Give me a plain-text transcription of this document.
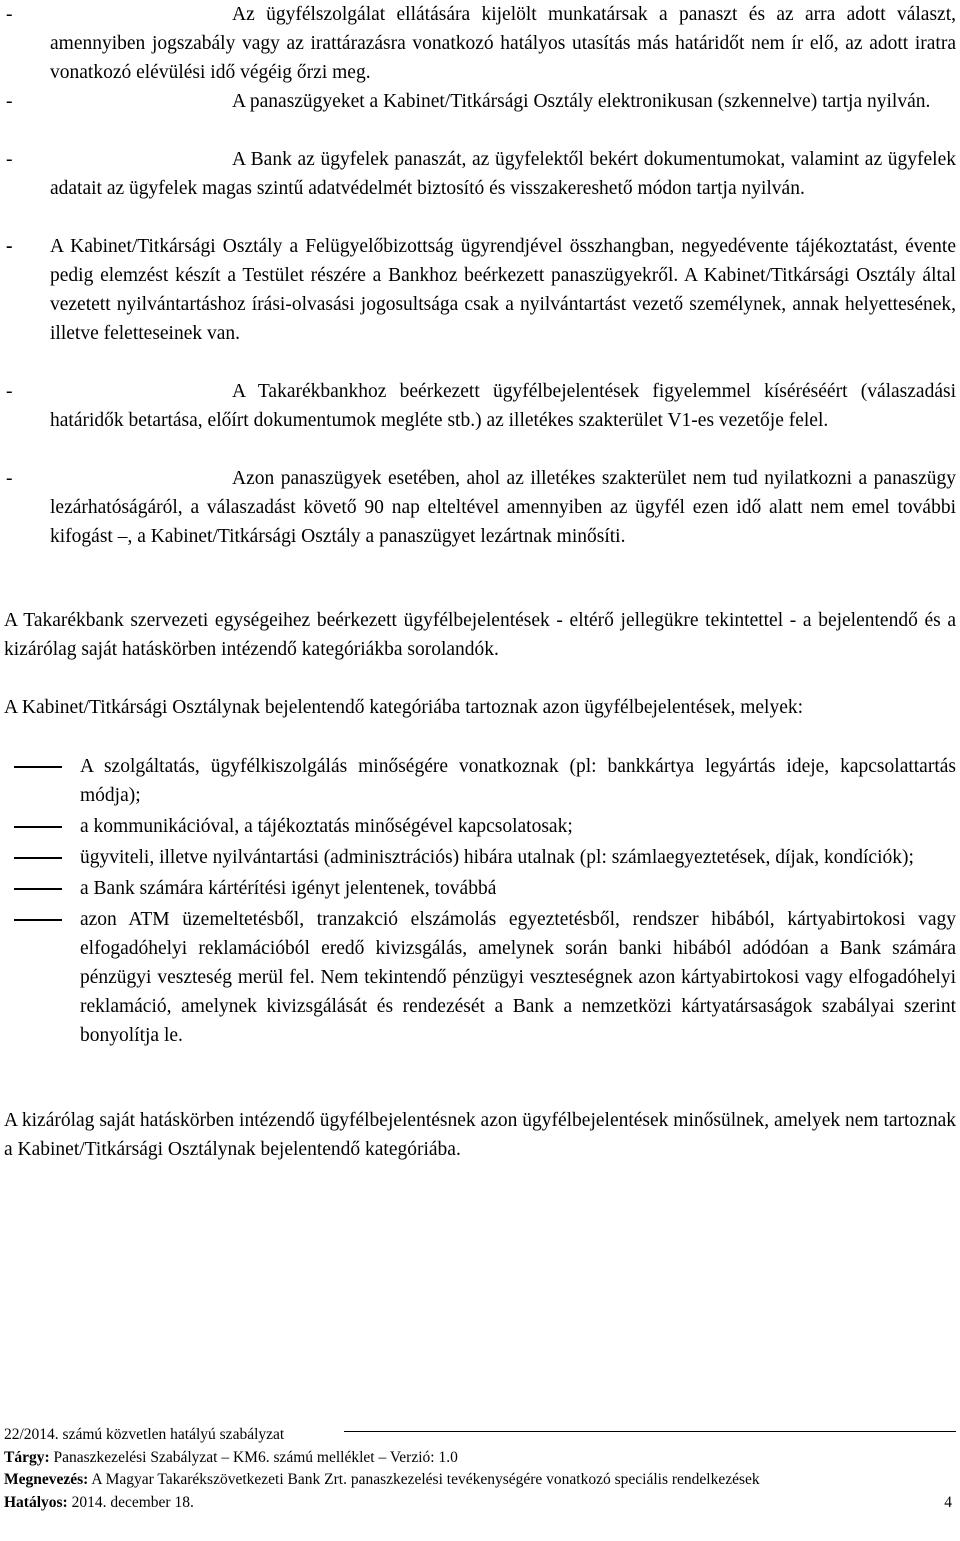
-	Az ügyfélszolgálat ellátására kijelölt munkatársak a panaszt és az arra adott választ, amennyiben jogszabály vagy az irattárazásra vonatkozó hatályos utasítás más határidőt nem ír elő, az adott iratra vonatkozó elévülési idő végéig őrzi meg.
-	A panaszügyeket a Kabinet/Titkársági Osztály elektronikusan (szkennelve) tartja nyilván.
-	A Bank az ügyfelek panaszát, az ügyfelektől bekért dokumentumokat, valamint az ügyfelek adatait az ügyfelek magas szintű adatvédelmét biztosító és visszakereshető módon tartja nyilván.
- A Kabinet/Titkársági Osztály a Felügyelőbizottság ügyrendjével összhangban, negyedévente tájékoztatást, évente pedig elemzést készít a Testület részére a Bankhoz beérkezett panaszügyekről. A Kabinet/Titkársági Osztály által vezetett nyilvántartáshoz írási-olvasási jogosultsága csak a nyilvántartást vezető személynek, annak helyettesének, illetve feletteseinek van.
-	A Takarékbankhoz beérkezett ügyfélbejelentések figyelemmel kíséréséért (válaszadási határidők betartása, előírt dokumentumok megléte stb.) az illetékes szakterület V1-es vezetője felel.
-	Azon panaszügyek esetében, ahol az illetékes szakterület nem tud nyilatkozni a panaszügy lezárhatóságáról, a válaszadást követő 90 nap elteltével amennyiben az ügyfél ezen idő alatt nem emel további kifogást –, a Kabinet/Titkársági Osztály a panaszügyet lezártnak minősíti.
A Takarékbank szervezeti egységeihez beérkezett ügyfélbejelentések - eltérő jellegükre tekintettel - a bejelentendő és a kizárólag saját hatáskörben intézendő kategóriákba sorolandók.
A Kabinet/Titkársági Osztálynak bejelentendő kategóriába tartoznak azon ügyfélbejelentések, melyek:
A szolgáltatás, ügyfélkiszolgálás minőségére vonatkoznak (pl: bankkártya legyártás ideje, kapcsolattartás módja);
a kommunikációval, a tájékoztatás minőségével kapcsolatosak;
ügyviteli, illetve nyilvántartási (adminisztrációs) hibára utalnak (pl: számlaegyeztetések, díjak, kondíciók);
a Bank számára kártérítési igényt jelentenek, továbbá
azon ATM üzemeltetésből, tranzakció elszámolás egyeztetésből, rendszer hibából, kártyabirtokosi vagy elfogadóhelyi reklamációból eredő kivizsgálás, amelynek során banki hibából adódóan a Bank számára pénzügyi veszteség merül fel. Nem tekintendő pénzügyi veszteségnek azon kártyabirtokosi vagy elfogadóhelyi reklamáció, amelynek kivizsgálását és rendezését a Bank a nemzetközi kártyatársaságok szabályai szerint bonyolítja le.
A kizárólag saját hatáskörben intézendő ügyfélbejelentésnek azon ügyfélbejelentések minősülnek, amelyek nem tartoznak a Kabinet/Titkársági Osztálynak bejelentendő kategóriába.
22/2014. számú közvetlen hatályú szabályzat
Tárgy: Panaszkezelési Szabályzat – KM6. számú melléklet – Verzió: 1.0
Megnevezés: A Magyar Takarékszövetkezeti Bank Zrt. panaszkezelési tevékenységére vonatkozó speciális rendelkezések
Hatályos: 2014. december 18.	4
